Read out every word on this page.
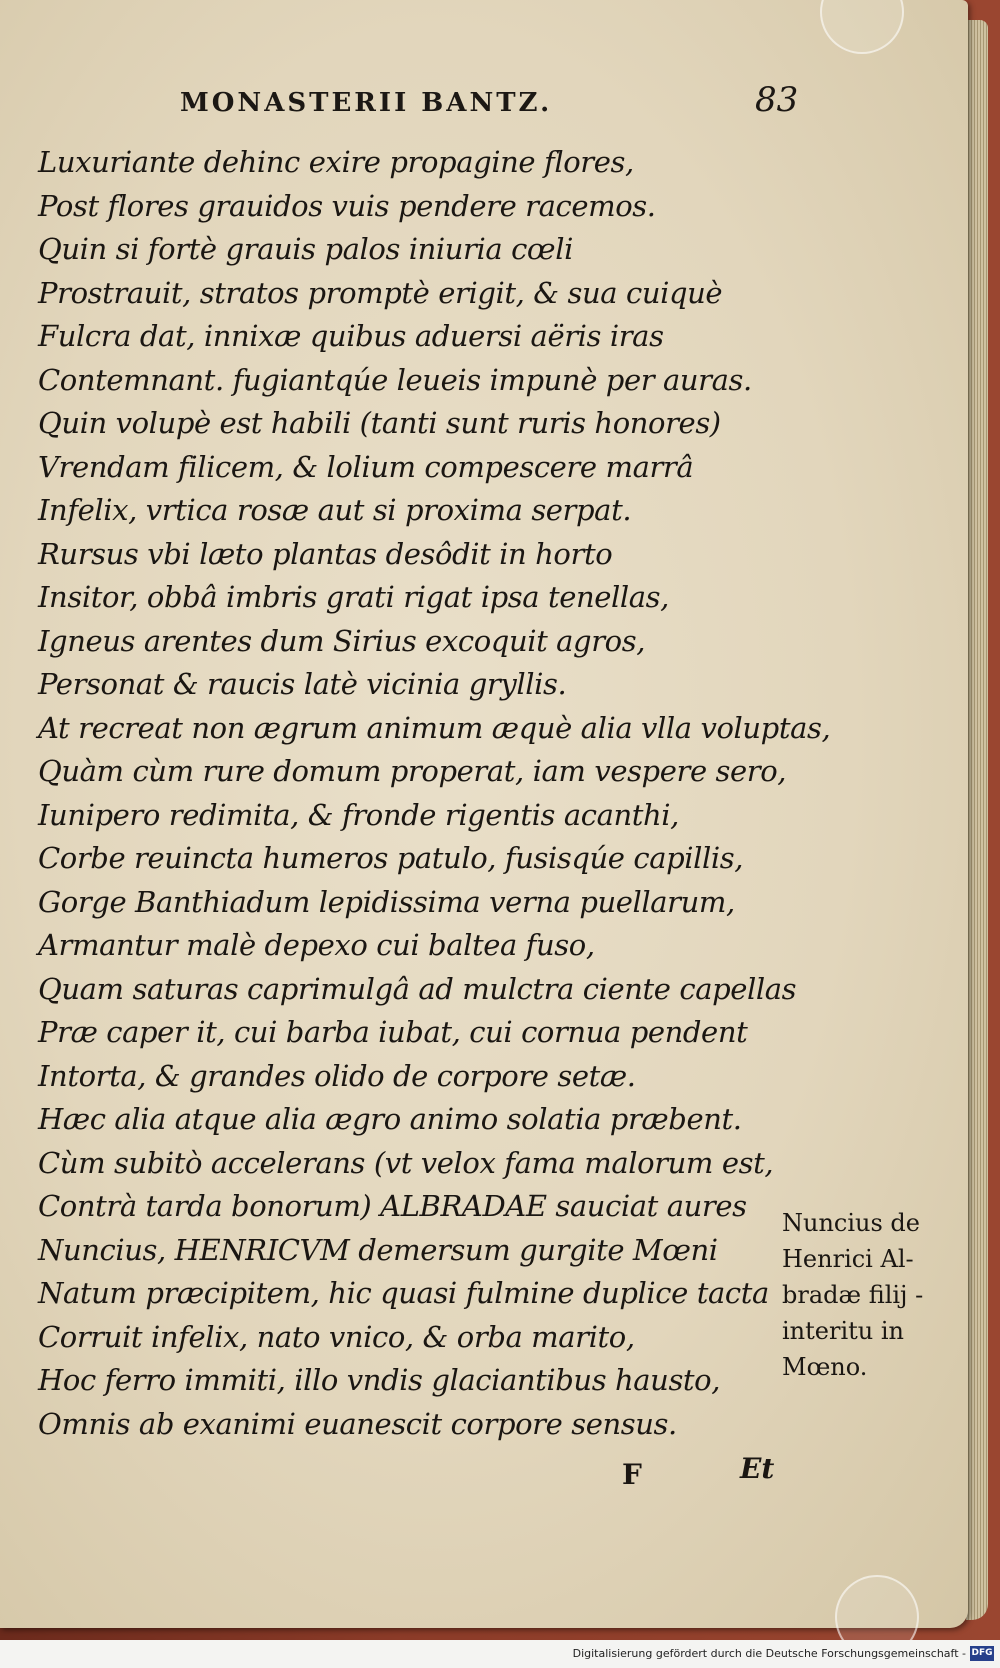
MONASTERII BANTZ.	83
Luxuriante dehinc exire propagine flores,
Post flores grauidos vuis pendere racemos.
Quin si fortè grauis palos iniuria cœli
Prostrauit, stratos promptè erigit, & sua cuiquè
Fulcra dat, innixæ quibus aduersi aëris iras
Contemnant. fugiantqúe leueis impunè per auras.
Quin volupè est habili (tanti sunt ruris honores)
Vrendam filicem, & lolium compescere marrâ
Infelix, vrtica rosæ aut si proxima serpat.
Rursus vbi læto plantas desôdit in horto
Insitor, obbâ imbris grati rigat ipsa tenellas,
Igneus arentes dum Sirius excoquit agros,
Personat & raucis latè vicinia gryllis.
At recreat non ægrum animum æquè alia vlla voluptas,
Quàm cùm rure domum properat, iam vespere sero,
Iunipero redimita, & fronde rigentis acanthi,
Corbe reuincta humeros patulo, fusisqúe capillis,
Gorge Banthiadum lepidissima verna puellarum,
Armantur malè depexo cui baltea fuso,
Quam saturas caprimulgâ ad mulctra ciente capellas
Præ caper it, cui barba iubat, cui cornua pendent
Intorta, & grandes olido de corpore setæ.
Hæc alia atque alia ægro animo solatia præbent.
Cùm subitò accelerans (vt velox fama malorum est,
Contrà tarda bonorum) ALBRADAE sauciat aures
Nuncius, HENRICVM demersum gurgite Mœni
Natum præcipitem, hic quasi fulmine duplice tacta
Corruit infelix, nato vnico, & orba marito,
Hoc ferro immiti, illo vndis glaciantibus hausto,
Omnis ab exanimi euanescit corpore sensus.
Nuncius de
Henrici Al-
bradæ filij -
interitu in
Mœno.
F	Et
Digitalisierung gefördert durch die Deutsche Forschungsgemeinschaft - DFG
